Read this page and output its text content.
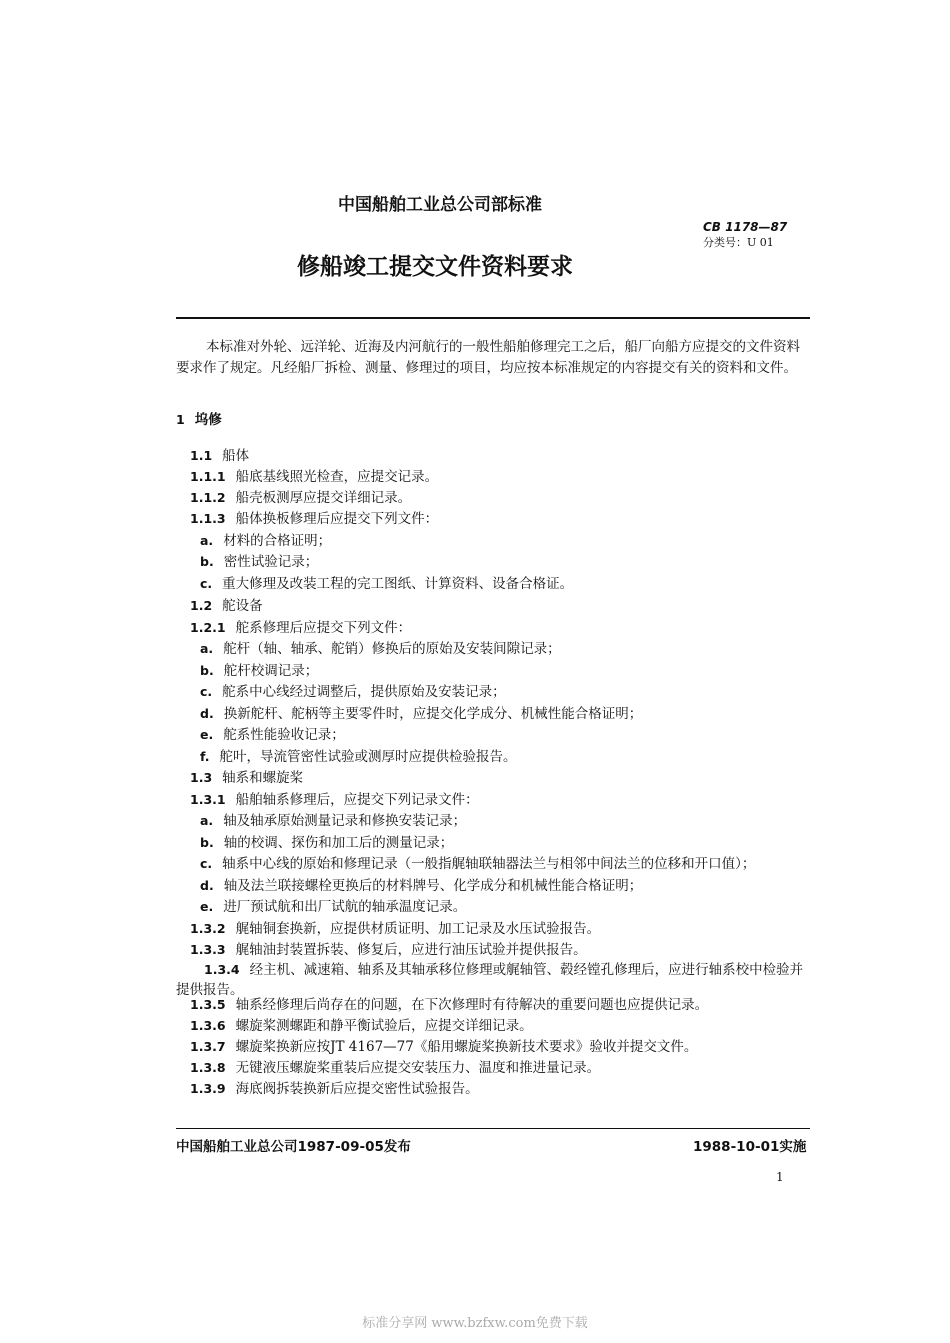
中国船舶工业总公司部标准
CB 1178—87
分类号：U 01
修船竣工提交文件资料要求
本标准对外轮、远洋轮、近海及内河航行的一般性船舶修理完工之后，船厂向船方应提交的文件资料要求作了规定。凡经船厂拆检、测量、修理过的项目，均应按本标准规定的内容提交有关的资料和文件。
1 坞修
1.1 船体
1.1.1 船底基线照光检查，应提交记录。
1.1.2 船壳板测厚应提交详细记录。
1.1.3 船体换板修理后应提交下列文件：
a. 材料的合格证明；
b. 密性试验记录；
c. 重大修理及改装工程的完工图纸、计算资料、设备合格证。
1.2 舵设备
1.2.1 舵系修理后应提交下列文件：
a. 舵杆（轴、轴承、舵销）修换后的原始及安装间隙记录；
b. 舵杆校调记录；
c. 舵系中心线经过调整后，提供原始及安装记录；
d. 换新舵杆、舵柄等主要零件时，应提交化学成分、机械性能合格证明；
e. 舵系性能验收记录；
f. 舵叶，导流管密性试验或测厚时应提供检验报告。
1.3 轴系和螺旋桨
1.3.1 船舶轴系修理后，应提交下列记录文件：
a. 轴及轴承原始测量记录和修换安装记录；
b. 轴的校调、探伤和加工后的测量记录；
c. 轴系中心线的原始和修理记录（一般指艉轴联轴器法兰与相邻中间法兰的位移和开口值）；
d. 轴及法兰联接螺栓更换后的材料牌号、化学成分和机械性能合格证明；
e. 进厂预试航和出厂试航的轴承温度记录。
1.3.2 艉轴铜套换新，应提供材质证明、加工记录及水压试验报告。
1.3.3 艉轴油封装置拆装、修复后，应进行油压试验并提供报告。
1.3.4 经主机、减速箱、轴系及其轴承移位修理或艉轴管、毂经镗孔修理后，应进行轴系校中检验并提供报告。
1.3.5 轴系经修理后尚存在的问题，在下次修理时有待解决的重要问题也应提供记录。
1.3.6 螺旋桨测螺距和静平衡试验后，应提交详细记录。
1.3.7 螺旋桨换新应按JT 4167—77《船用螺旋桨换新技术要求》验收并提交文件。
1.3.8 无键液压螺旋桨重装后应提交安装压力、温度和推进量记录。
1.3.9 海底阀拆装换新后应提交密性试验报告。
中国船舶工业总公司1987-09-05发布	1988-10-01实施
1
标准分享网 www.bzfxw.com免费下载
